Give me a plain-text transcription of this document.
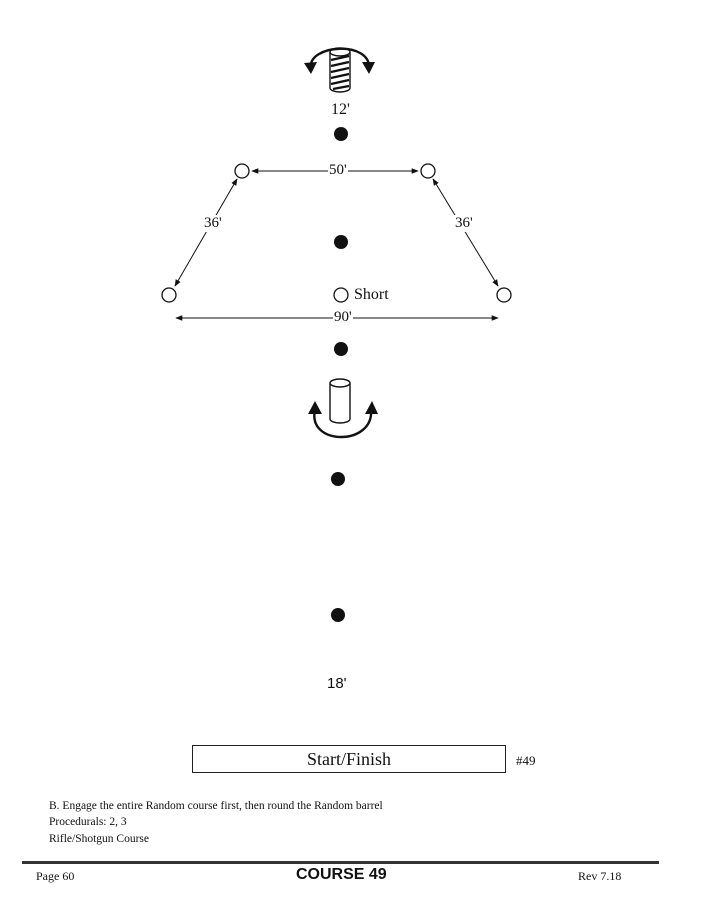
12'
50'
36'	36'
Short
90'
18'
Start/Finish	#49
B. Engage the entire Random course first, then round the Random barrel
Procedurals: 2, 3
Rifle/Shotgun Course
Page 60	COURSE 49	Rev 7.18
